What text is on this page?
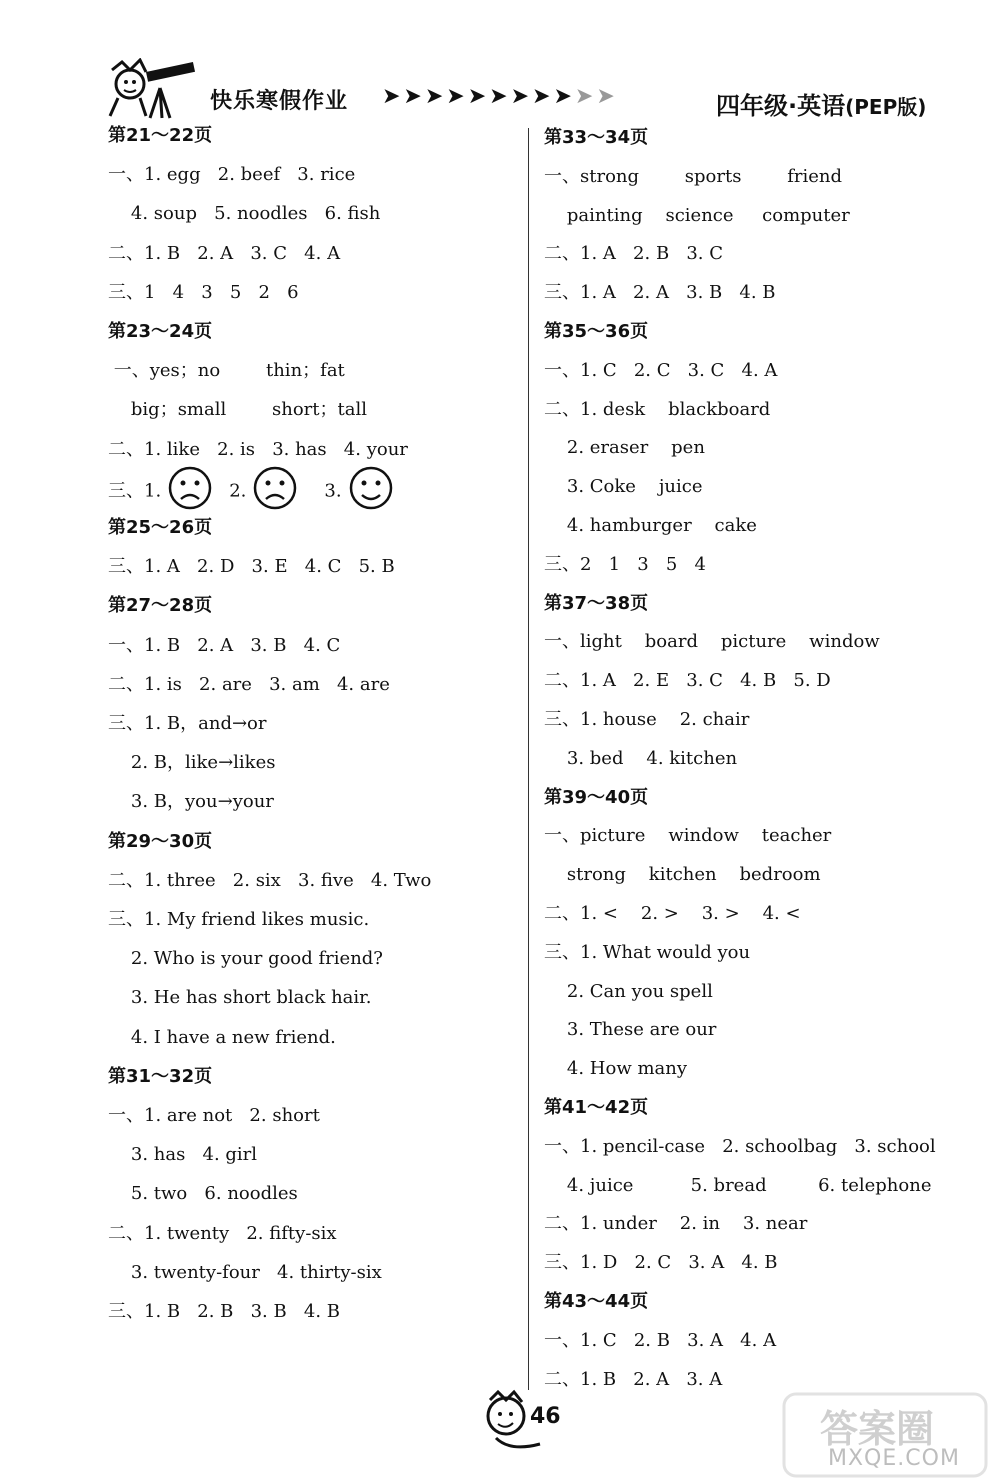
快乐寒假作业 ➤➤➤➤➤➤➤➤➤➤➤	四年级·英语(PEP版)
第21～22页
一、1. egg   2. beef   3. rice
4. soup   5. noodles   6. fish
二、1. B   2. A   3. C   4. A
三、1   4   3   5   2   6
第23～24页
一、yes；no        thin；fat
big；small        short；tall
二、1. like   2. is   3. has   4. your
三、1.	2.	3.
第25～26页
三、1. A   2. D   3. E   4. C   5. B
第27～28页
一、1. B   2. A   3. B   4. C
二、1. is   2. are   3. am   4. are
三、1. B，and→or
2. B，like→likes
3. B，you→your
第29～30页
二、1. three   2. six   3. five   4. Two
三、1. My friend likes music.
2. Who is your good friend?
3. He has short black hair.
4. I have a new friend.
第31～32页
一、1. are not   2. short
3. has   4. girl
5. two   6. noodles
二、1. twenty   2. fifty-six
3. twenty-four   4. thirty-six
三、1. B   2. B   3. B   4. B
第33～34页
一、strong        sports        friend
painting    science     computer
二、1. A   2. B   3. C
三、1. A   2. A   3. B   4. B
第35～36页
一、1. C   2. C   3. C   4. A
二、1. desk    blackboard
2. eraser    pen
3. Coke    juice
4. hamburger    cake
三、2   1   3   5   4
第37～38页
一、light    board    picture    window
二、1. A   2. E   3. C   4. B   5. D
三、1. house    2. chair
3. bed    4. kitchen
第39～40页
一、picture    window    teacher
strong    kitchen    bedroom
二、1. <    2. >    3. >    4. <
三、1. What would you
2. Can you spell
3. These are our
4. How many
第41～42页
一、1. pencil-case   2. schoolbag   3. school
4. juice          5. bread         6. telephone
二、1. under    2. in    3. near
三、1. D   2. C   3. A   4. B
第43～44页
一、1. C   2. B   3. A   4. A
二、1. B   2. A   3. A
46	答案圈
MXQE.COM
